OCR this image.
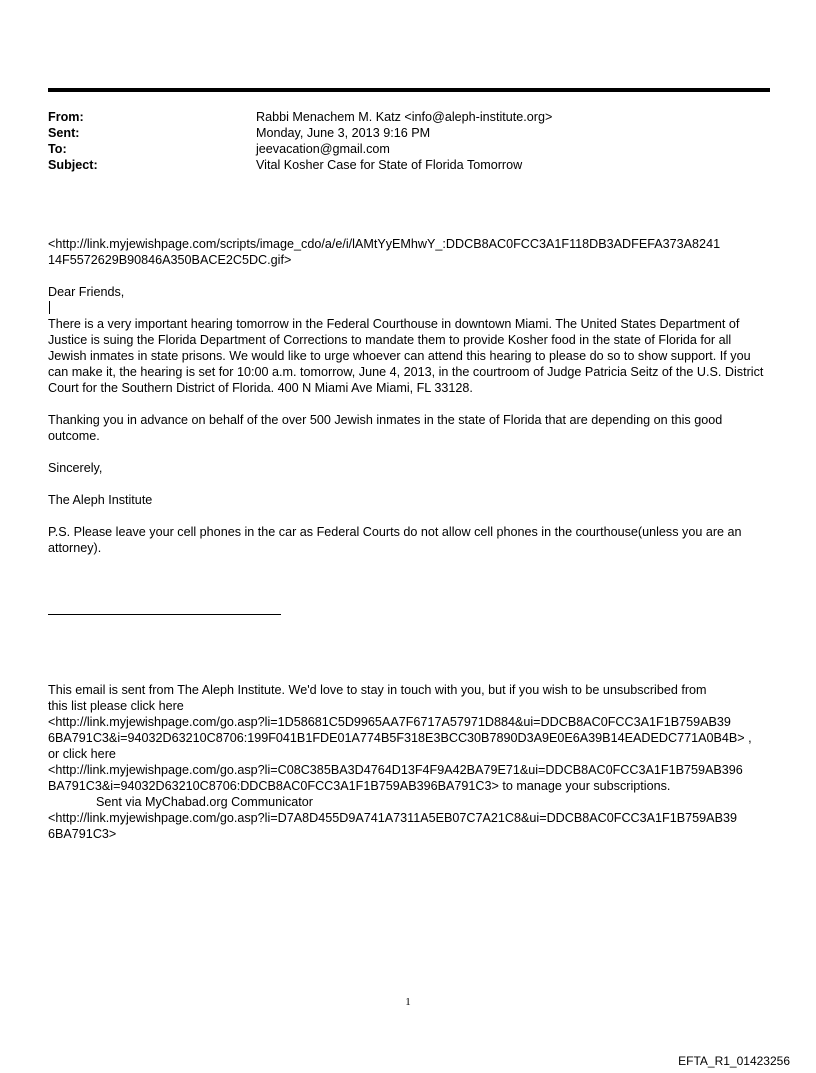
From:	Rabbi Menachem M. Katz <info@aleph-institute.org>
Sent:	Monday, June 3, 2013 9:16 PM
To:	jeevacation@gmail.com
Subject:	Vital Kosher Case for State of Florida Tomorrow

<http://link.myjewishpage.com/scripts/image_cdo/a/e/i/lAMtYyEMhwY_:DDCB8AC0FCC3A1F118DB3ADFEFA373A8241

14F5572629B90846A350BACE2C5DC.gif>

Dear Friends,

There is a very important hearing tomorrow in the Federal Courthouse in downtown Miami. The United States Department of Justice is suing the Florida Department of Corrections to mandate them to provide Kosher food in the state of Florida for all Jewish inmates in state prisons. We would like to urge whoever can attend this hearing to please do so to show support. If you can make it, the hearing is set for 10:00 a.m. tomorrow, June 4, 2013, in the courtroom of Judge Patricia Seitz of the U.S. District Court for the Southern District of Florida. 400 N Miami Ave Miami, FL 33128.

Thanking you in advance on behalf of the over 500 Jewish inmates in the state of Florida that are depending on this good outcome.

Sincerely,

The Aleph Institute

P.S. Please leave your cell phones in the car as Federal Courts do not allow cell phones in the courthouse(unless you are an attorney).

This email is sent from The Aleph Institute. We'd love to stay in touch with you, but if you wish to be unsubscribed from

this list please click here

<http://link.myjewishpage.com/go.asp?li=1D58681C5D9965AA7F6717A57971D884&ui=DDCB8AC0FCC3A1F1B759AB39

6BA791C3&i=94032D63210C8706:199F041B1FDE01A774B5F318E3BCC30B7890D3A9E0E6A39B14EADEDC771A0B4B> ,

or click here

<http://link.myjewishpage.com/go.asp?li=C08C385BA3D4764D13F4F9A42BA79E71&ui=DDCB8AC0FCC3A1F1B759AB396

BA791C3&i=94032D63210C8706:DDCB8AC0FCC3A1F1B759AB396BA791C3> to manage your subscriptions.

Sent via MyChabad.org Communicator

<http://link.myjewishpage.com/go.asp?li=D7A8D455D9A741A7311A5EB07C7A21C8&ui=DDCB8AC0FCC3A1F1B759AB39

6BA791C3>

1
EFTA_R1_01423256
